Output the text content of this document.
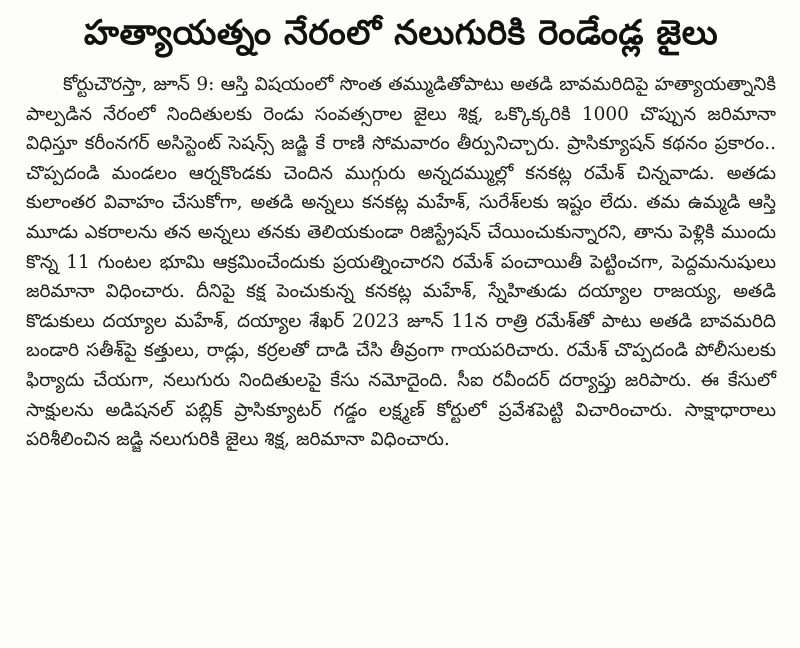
హత్యాయత్నం నేరంలో నలుగురికి రెండేండ్ల జైలు

కోర్టుచౌరస్తా, జూన్ 9: ఆస్తి విషయంలో సొంత తమ్ముడితోపాటు అతడి బావమరిదిపై హత్యాయత్నానికి పాల్పడిన నేరంలో నిందితులకు రెండు సంవత్సరాల జైలు శిక్ష, ఒక్కొక్కరికి 1000 చొప్పున జరిమానా విధిస్తూ కరీంనగర్ అసిస్టెంట్ సెషన్స్ జడ్జి కే రాణి సోమవారం తీర్పునిచ్చారు. ప్రాసిక్యూషన్ కథనం ప్రకారం.. చొప్పదండి మండలం ఆర్నకొండకు చెందిన ముగ్గురు అన్నదమ్ముల్లో కనకట్ల రమేశ్ చిన్నవాడు. అతడు కులాంతర వివాహం చేసుకోగా, అతడి అన్నలు కనకట్ల మహేశ్, సురేశ్‌లకు ఇష్టం లేదు. తమ ఉమ్మడి ఆస్తి మూడు ఎకరాలను తన అన్నలు తనకు తెలియకుండా రిజిస్ట్రేషన్ చేయించుకున్నారని, తాను పెళ్లికి ముందు కొన్న 11 గుంటల భూమి ఆక్రమించేందుకు ప్రయత్నించారని రమేశ్ పంచాయితీ పెట్టించగా, పెద్దమనుషులు జరిమానా విధించారు. దీనిపై కక్ష పెంచుకున్న కనకట్ల మహేశ్, స్నేహితుడు దయ్యాల రాజయ్య, అతడి కొడుకులు దయ్యాల మహేశ్, దయ్యాల శేఖర్ 2023 జూన్ 11న రాత్రి రమేశ్‌తో పాటు అతడి బావమరిది బండారి సతీశ్‌పై కత్తులు, రాడ్లు, కర్రలతో దాడి చేసి తీవ్రంగా గాయపరిచారు. రమేశ్ చొప్పదండి పోలీసులకు ఫిర్యాదు చేయగా, నలుగురు నిందితులపై కేసు నమోదైంది. సీఐ రవీందర్ దర్యాప్తు జరిపారు. ఈ కేసులో సాక్షులను అడిషనల్ పబ్లిక్ ప్రాసిక్యూటర్ గడ్డం లక్ష్మణ్ కోర్టులో ప్రవేశపెట్టి విచారించారు. సాక్షాధారాలు పరిశీలించిన జడ్జి నలుగురికి జైలు శిక్ష, జరిమానా విధించారు.
